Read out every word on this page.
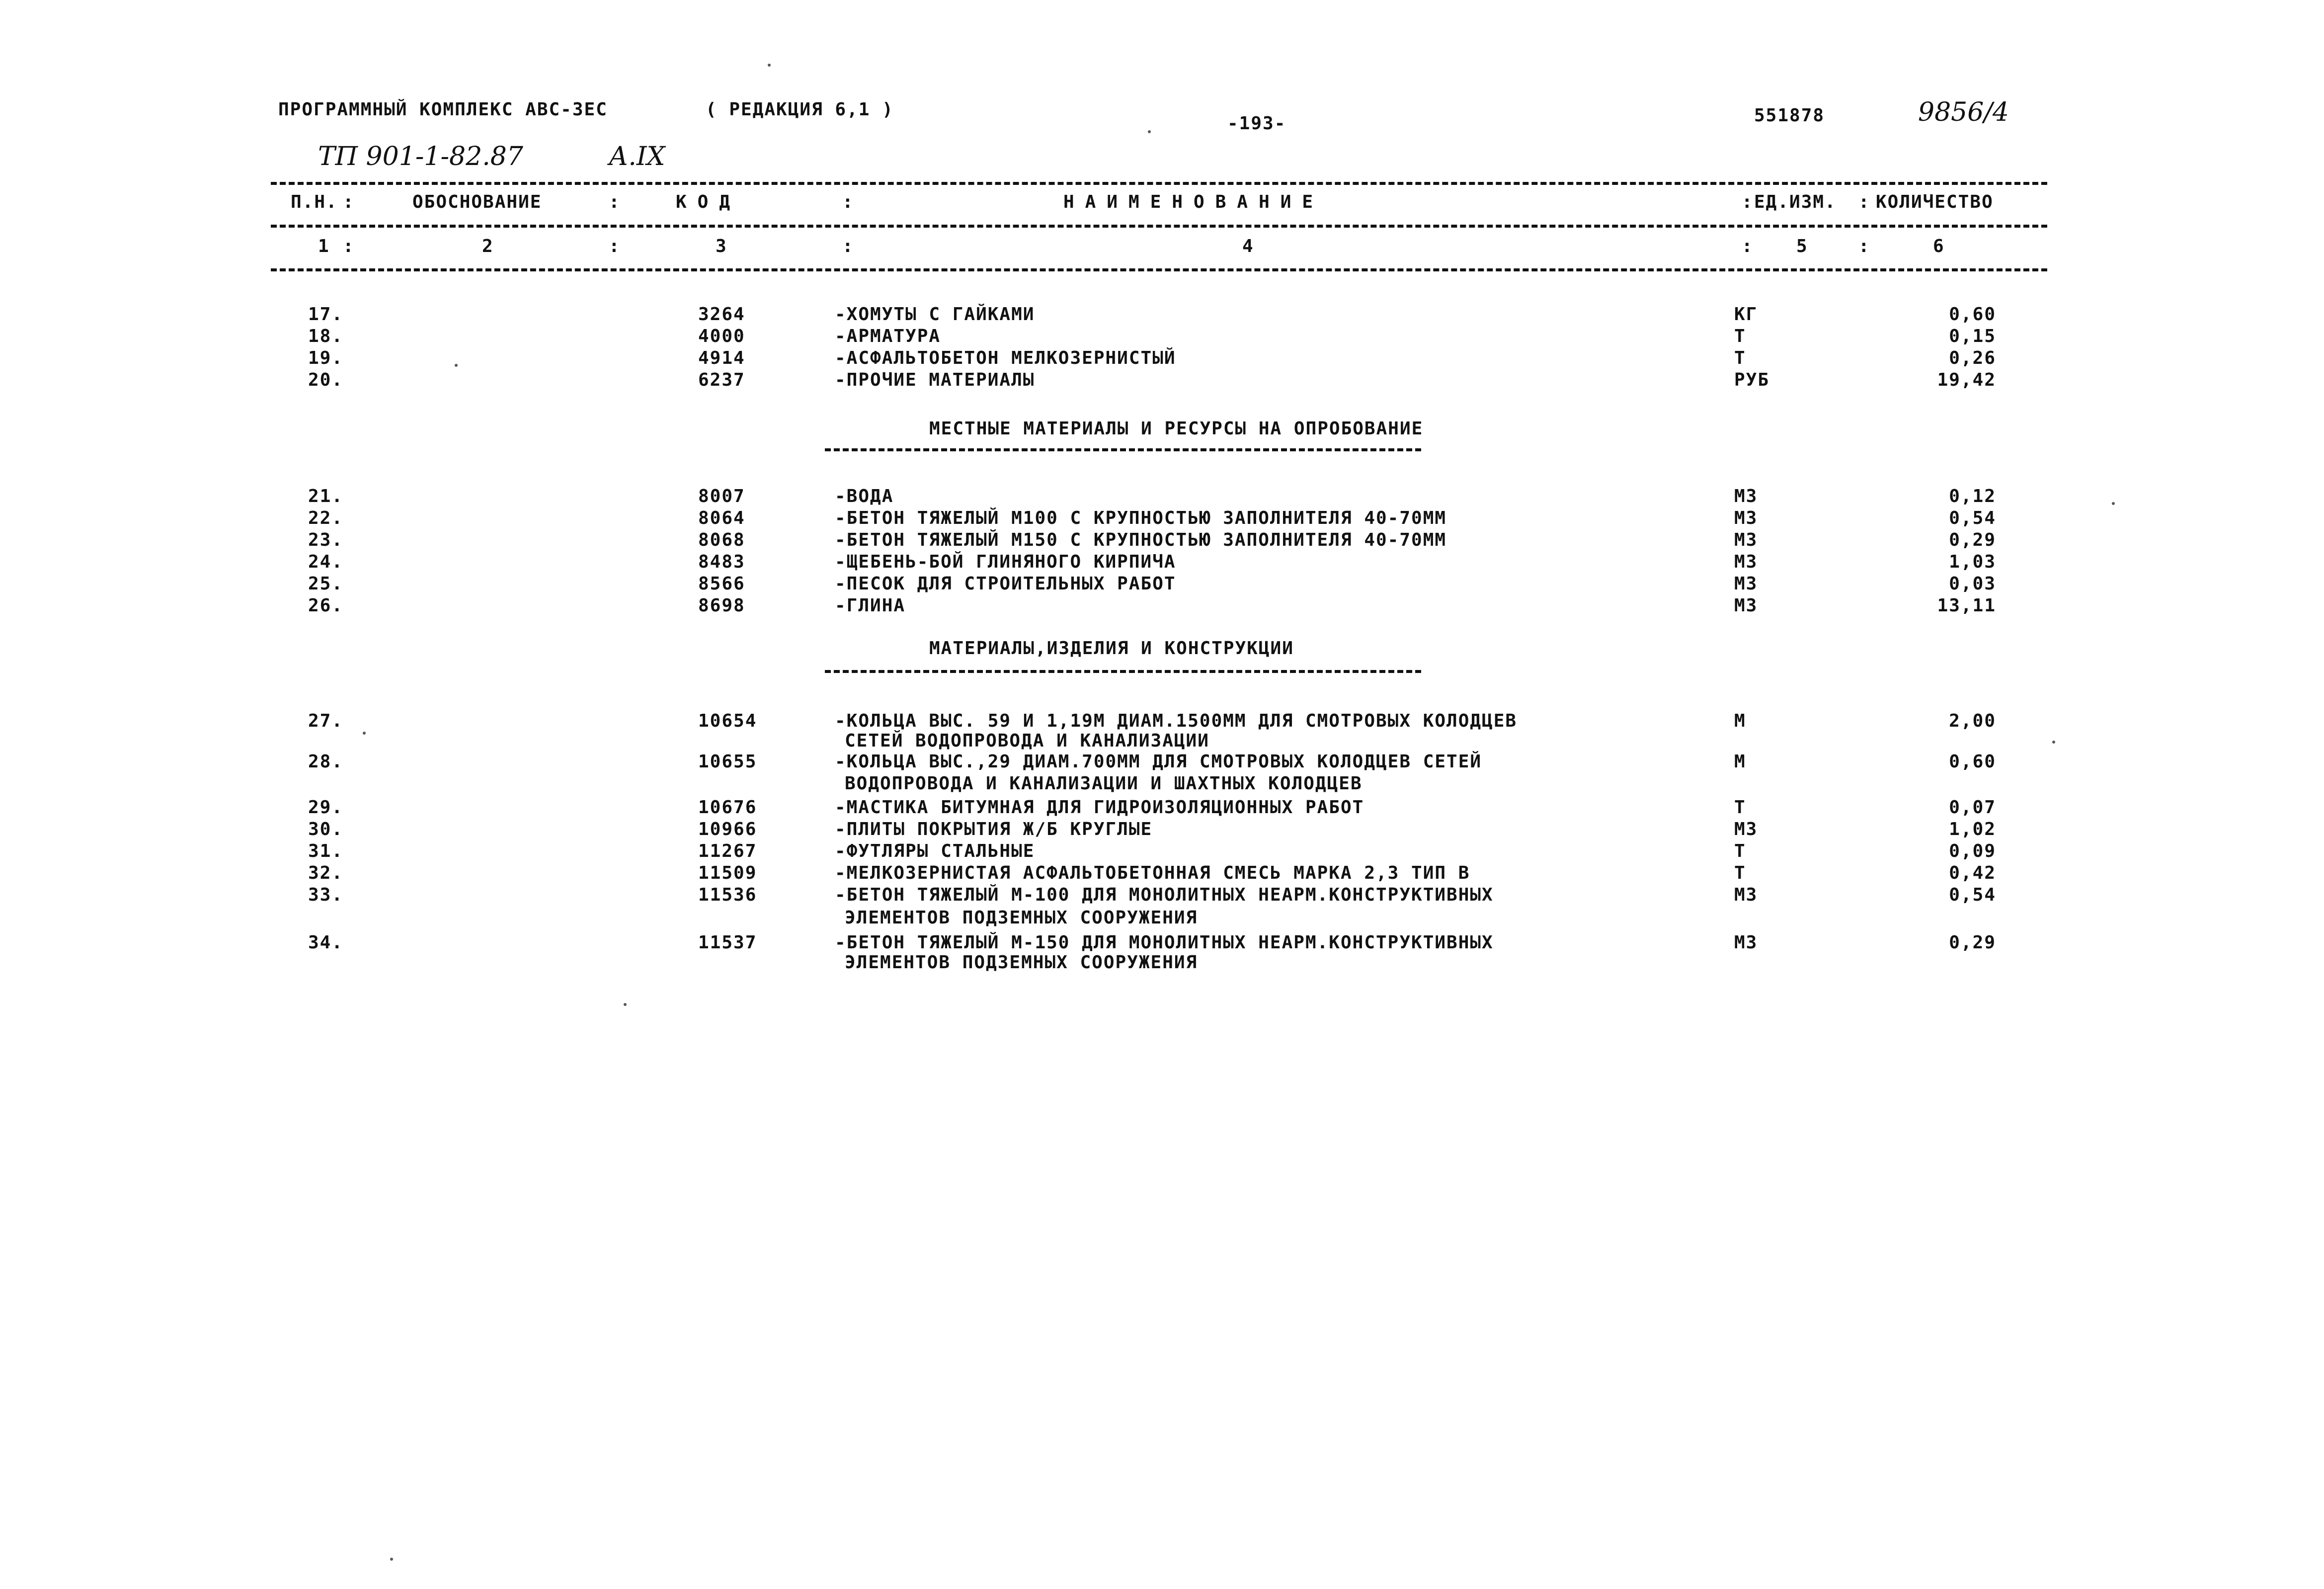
ПРОГРАММНЫЙ КОМПЛЕКС АВС-ЗЕС	( РЕДАКЦИЯ 6,1 )
-193-	551878	9856/4
ТП 901-1-82.87	А.IX
П.Н. :	ОБОСНОВАНИЕ	:	КОД	:	НАИМЕНОВАНИЕ	: ЕД.ИЗМ. : КОЛИЧЕСТВО
1 :	2	:	3	:	4	: 5	:	6
17.	3264	-ХОМУТЫ С ГАЙКАМИ	КГ	0,60
18.	4000	-АРМАТУРА	Т	0,15
19.	4914	-АСФАЛЬТОБЕТОН МЕЛКОЗЕРНИСТЫЙ	Т	0,26
20.	6237	-ПРОЧИЕ МАТЕРИАЛЫ	РУБ	19,42
МЕСТНЫЕ МАТЕРИАЛЫ И РЕСУРСЫ НА ОПРОБОВАНИЕ
21.	8007	-ВОДА	М3	0,12
22.	8064	-БЕТОН ТЯЖЕЛЫЙ М100 С КРУПНОСТЬЮ ЗАПОЛНИТЕЛЯ 40-70ММ	М3	0,54
23.	8068	-БЕТОН ТЯЖЕЛЫЙ М150 С КРУПНОСТЬЮ ЗАПОЛНИТЕЛЯ 40-70ММ	М3	0,29
24.	8483	-ЩЕБЕНЬ-БОЙ ГЛИНЯНОГО КИРПИЧА	М3	1,03
25.	8566	-ПЕСОК ДЛЯ СТРОИТЕЛЬНЫХ РАБОТ	М3	0,03
26.	8698	-ГЛИНА	М3	13,11
МАТЕРИАЛЫ,ИЗДЕЛИЯ И КОНСТРУКЦИИ
27.	10654	-КОЛЬЦА ВЫС. 59 И 1,19М ДИАМ.1500ММ ДЛЯ СМОТРОВЫХ КОЛОДЦЕВ
СЕТЕЙ ВОДОПРОВОДА И КАНАЛИЗАЦИИ
М	2,00
28.	10655	-КОЛЬЦА ВЫС.,29 ДИАМ.700ММ ДЛЯ СМОТРОВЫХ КОЛОДЦЕВ СЕТЕЙ
ВОДОПРОВОДА И КАНАЛИЗАЦИИ И ШАХТНЫХ КОЛОДЦЕВ
М	0,60
29.	10676	-МАСТИКА БИТУМНАЯ ДЛЯ ГИДРОИЗОЛЯЦИОННЫХ РАБОТ	Т	0,07
30.	10966	-ПЛИТЫ ПОКРЫТИЯ Ж/Б КРУГЛЫЕ	М3	1,02
31.	11267	-ФУТЛЯРЫ СТАЛЬНЫЕ	Т	0,09
32.	11509	-МЕЛКОЗЕРНИСТАЯ АСФАЛЬТОБЕТОННАЯ СМЕСЬ МАРКА 2,3 ТИП В	Т	0,42
33.	11536	-БЕТОН ТЯЖЕЛЫЙ М-100 ДЛЯ МОНОЛИТНЫХ НЕАРМ.КОНСТРУКТИВНЫХ
ЭЛЕМЕНТОВ ПОДЗЕМНЫХ СООРУЖЕНИЯ
М3	0,54
34.	11537	-БЕТОН ТЯЖЕЛЫЙ М-150 ДЛЯ МОНОЛИТНЫХ НЕАРМ.КОНСТРУКТИВНЫХ
ЭЛЕМЕНТОВ ПОДЗЕМНЫХ СООРУЖЕНИЯ
М3	0,29
